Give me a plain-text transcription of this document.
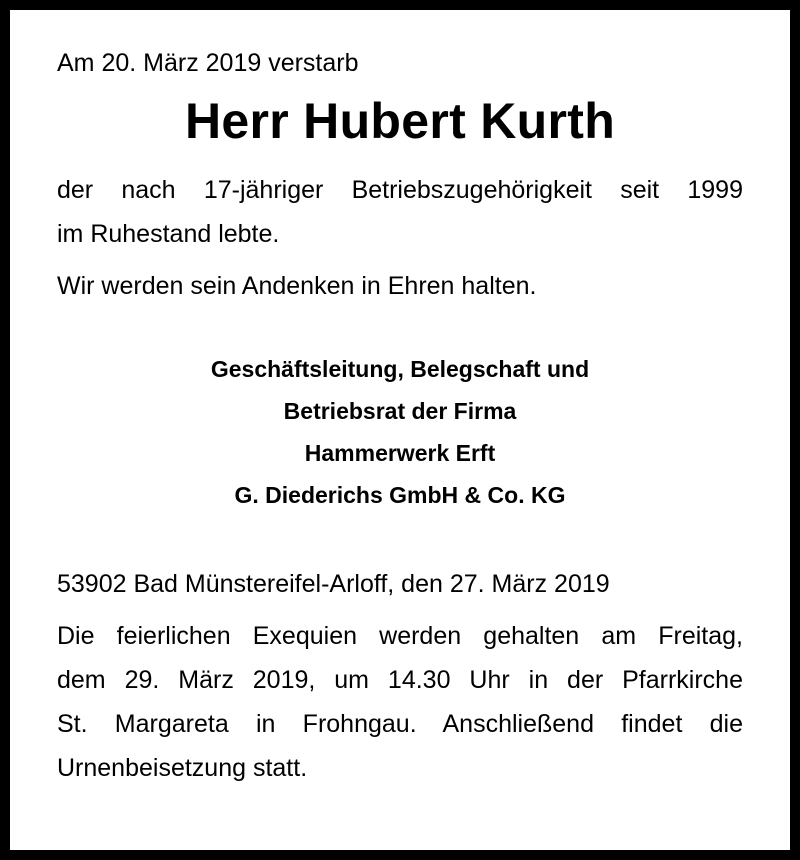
Am 20. März 2019 verstarb

Herr Hubert Kurth

der nach 17-jähriger Betriebszugehörigkeit seit 1999
im Ruhestand lebte.

Wir werden sein Andenken in Ehren halten.

Geschäftsleitung, Belegschaft und
Betriebsrat der Firma
Hammerwerk Erft
G. Diederichs GmbH & Co. KG

53902 Bad Münstereifel-Arloff, den 27. März 2019

Die feierlichen Exequien werden gehalten am Freitag,
dem 29. März 2019, um 14.30 Uhr in der Pfarrkirche
St. Margareta in Frohngau. Anschließend findet die
Urnenbeisetzung statt.
